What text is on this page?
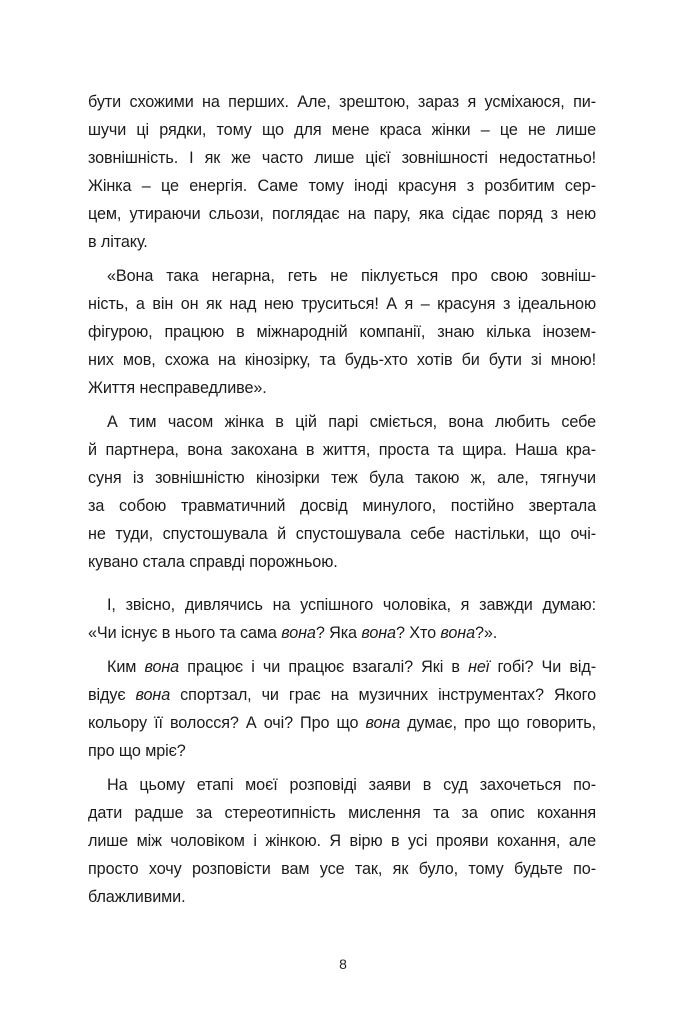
бути схожими на перших. Але, зрештою, зараз я усміхаюся, пи-
шучи ці рядки, тому що для мене краса жінки – це не лише
зовнішність. І як же часто лише цієї зовнішності недостатньо!
Жінка – це енергія. Саме тому іноді красуня з розбитим сер-
цем, утираючи сльози, поглядає на пару, яка сідає поряд з нею
в літаку.

«Вона така негарна, геть не піклується про свою зовніш-
ність, а він он як над нею труситься! А я – красуня з ідеальною
фігурою, працюю в міжнародній компанії, знаю кілька інозем-
них мов, схожа на кінозірку, та будь-хто хотів би бути зі мною!
Життя несправедливе».

А тим часом жінка в цій парі сміється, вона любить себе
й партнера, вона закохана в життя, проста та щира. Наша кра-
суня із зовнішністю кінозірки теж була такою ж, але, тягнучи
за собою травматичний досвід минулого, постійно звертала
не туди, спустошувала й спустошувала себе настільки, що очі-
кувано стала справді порожньою.

І, звісно, дивлячись на успішного чоловіка, я завжди думаю:
«Чи існує в нього та сама вона? Яка вона? Хто вона?».

Ким вона працює і чи працює взагалі? Які в неї гобі? Чи від-
відує вона спортзал, чи грає на музичних інструментах? Якого
кольору її волосся? А очі? Про що вона думає, про що говорить,
про що мріє?

На цьому етапі моєї розповіді заяви в суд захочеться по-
дати радше за стереотипність мислення та за опис кохання
лише між чоловіком і жінкою. Я вірю в усі прояви кохання, але
просто хочу розповісти вам усе так, як було, тому будьте по-
блажливими.

8
